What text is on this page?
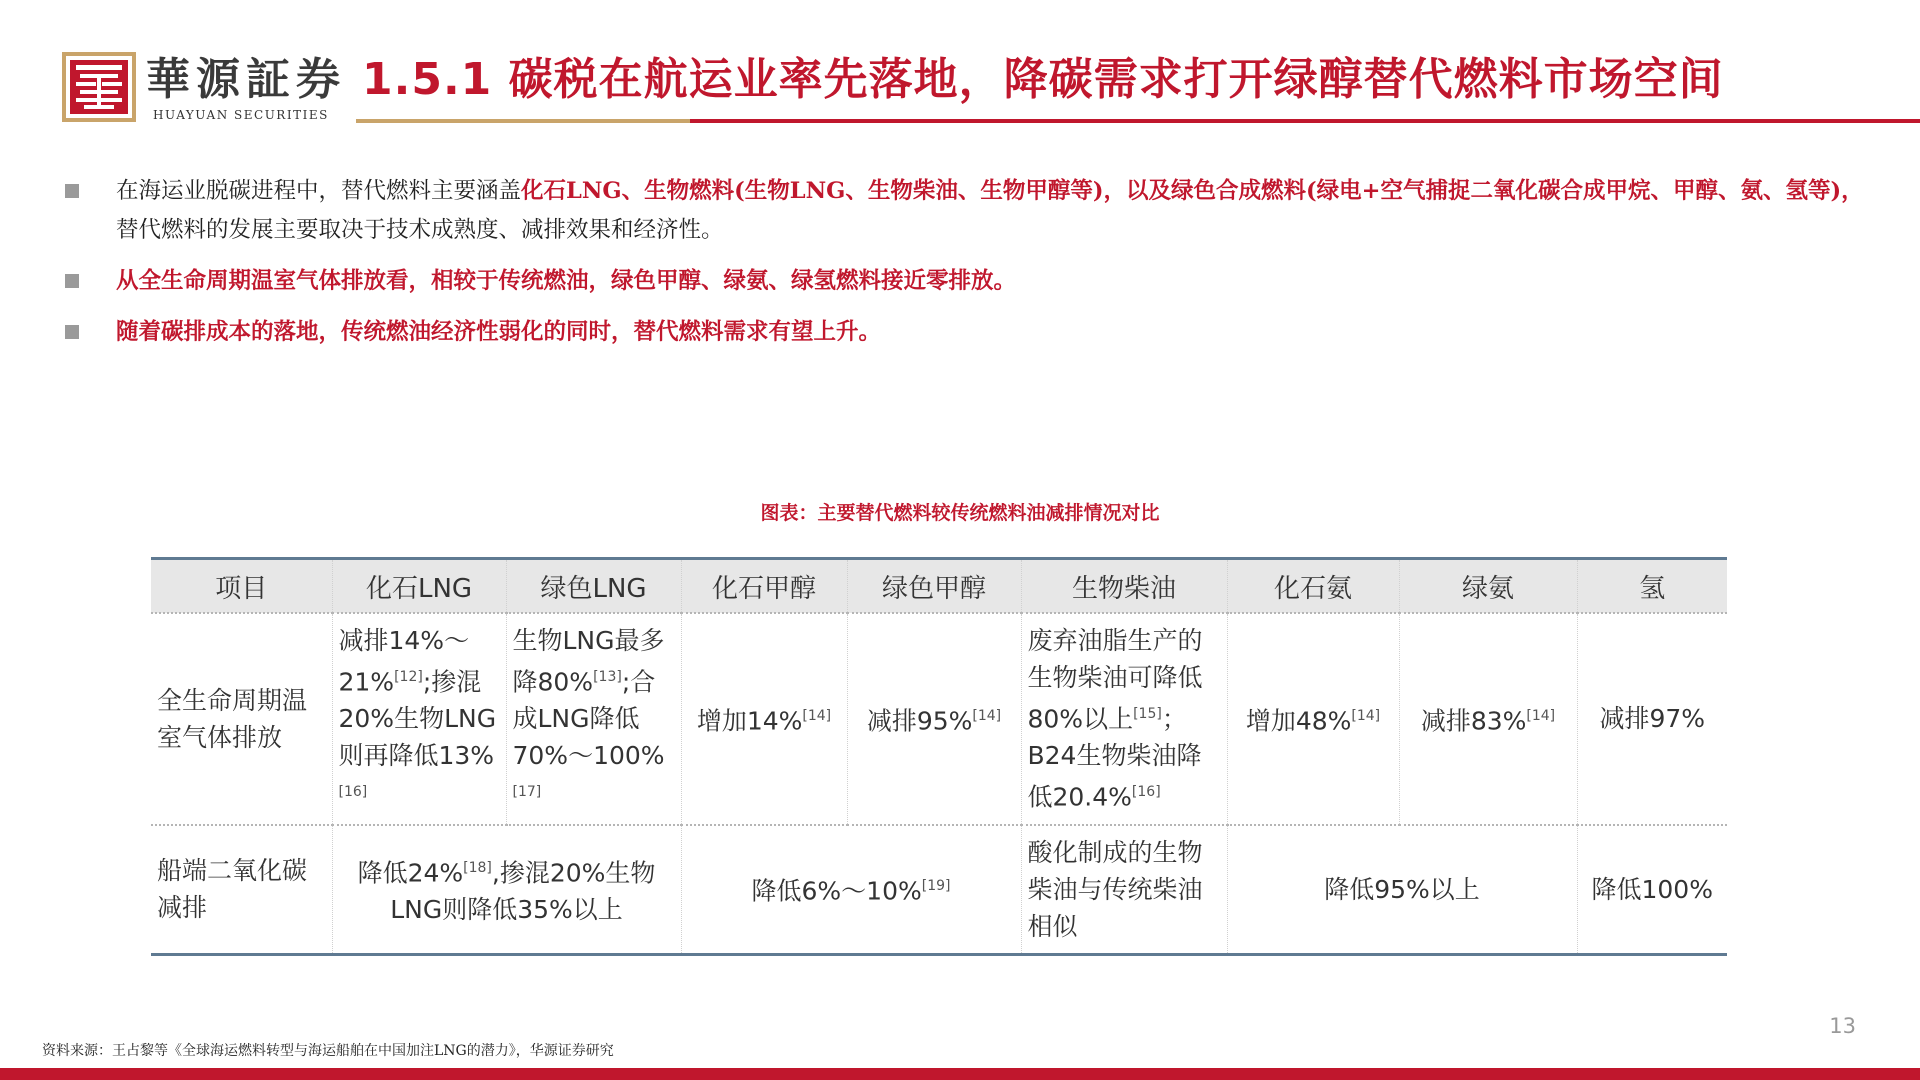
華源証券
HUAYUAN SECURITIES
1.5.1 碳税在航运业率先落地，降碳需求打开绿醇替代燃料市场空间
在海运业脱碳进程中，替代燃料主要涵盖化石LNG、生物燃料(生物LNG、生物柴油、生物甲醇等)，以及绿色合成燃料(绿电+空气捕捉二氧化碳合成甲烷、甲醇、氨、氢等)，替代燃料的发展主要取决于技术成熟度、减排效果和经济性。
从全生命周期温室气体排放看，相较于传统燃油，绿色甲醇、绿氨、绿氢燃料接近零排放。
随着碳排成本的落地，传统燃油经济性弱化的同时，替代燃料需求有望上升。
图表：主要替代燃料较传统燃料油减排情况对比
项目	化石LNG	绿色LNG	化石甲醇	绿色甲醇	生物柴油	化石氨	绿氨	氢
全生命周期温室气体排放	减排14%～21%[12];掺混20%生物LNG则再降低13%[16]	生物LNG最多降80%[13];合成LNG降低70%～100%[17]	增加14%[14]	减排95%[14]	废弃油脂生产的生物柴油可降低80%以上[15]；B24生物柴油降低20.4%[16]	增加48%[14]	减排83%[14]	减排97%
船端二氧化碳减排	降低24%[18],掺混20%生物LNG则降低35%以上		降低6%～10%[19]		酸化制成的生物柴油与传统柴油相似	降低95%以上		降低100%
13
资料来源：王占黎等《全球海运燃料转型与海运船舶在中国加注LNG的潜力》，华源证券研究
